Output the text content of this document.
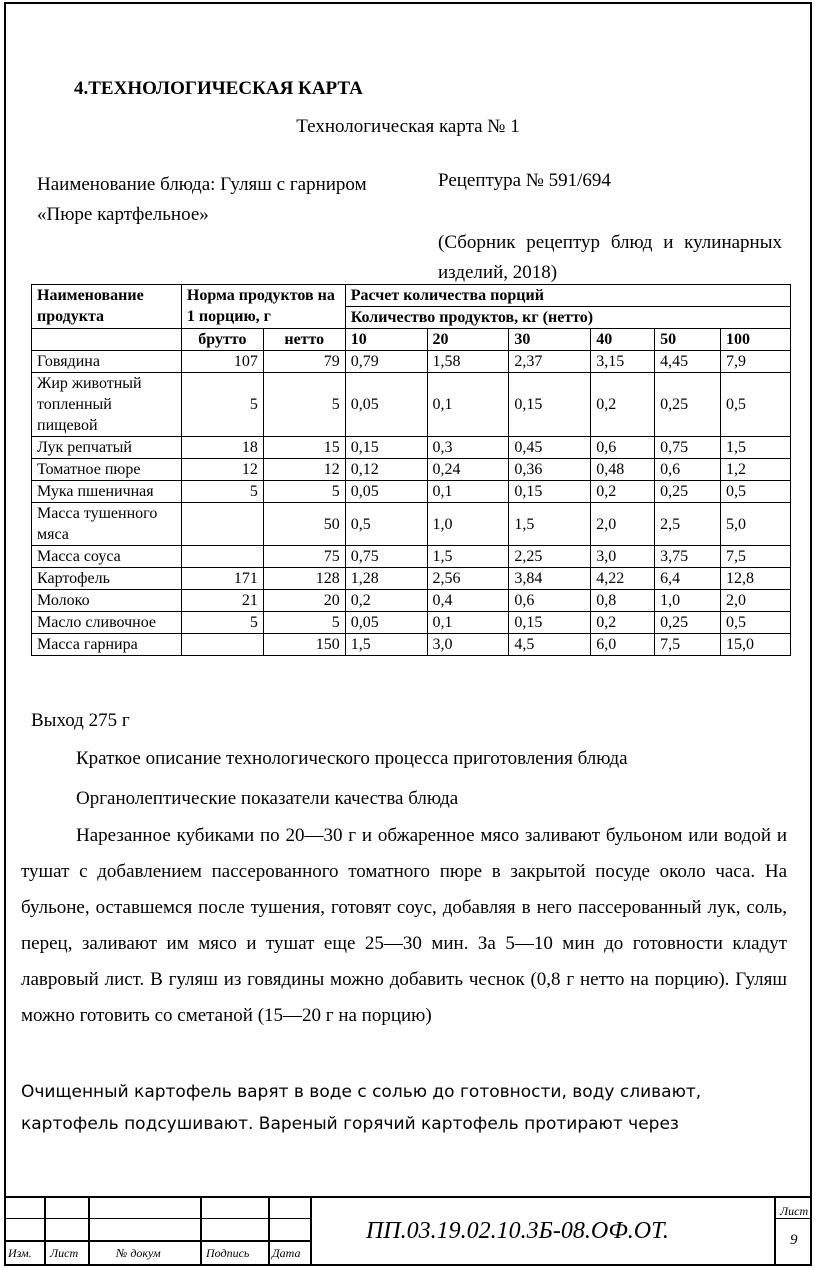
4.ТЕХНОЛОГИЧЕСКАЯ КАРТА
Технологическая карта № 1
Наименование блюда: Гуляш с гарниром
«Пюре картфельное»
Рецептура № 591/694
(Сборник рецептур блюд и кулинарных изделий, 2018)
Наименование продукта	Норма продуктов на 1 порцию, г		Расчет количества порций					
			Количество продуктов, кг (нетто)					
	брутто	нетто	10	20	30	40	50	100
Говядина	107	79	0,79	1,58	2,37	3,15	4,45	7,9
Жир животный топленный пищевой	5	5	0,05	0,1	0,15	0,2	0,25	0,5
Лук репчатый	18	15	0,15	0,3	0,45	0,6	0,75	1,5
Томатное пюре	12	12	0,12	0,24	0,36	0,48	0,6	1,2
Мука пшеничная	5	5	0,05	0,1	0,15	0,2	0,25	0,5
Масса тушенного мяса		50	0,5	1,0	1,5	2,0	2,5	5,0
Масса соуса		75	0,75	1,5	2,25	3,0	3,75	7,5
Картофель	171	128	1,28	2,56	3,84	4,22	6,4	12,8
Молоко	21	20	0,2	0,4	0,6	0,8	1,0	2,0
Масло сливочное	5	5	0,05	0,1	0,15	0,2	0,25	0,5
Масса гарнира		150	1,5	3,0	4,5	6,0	7,5	15,0
Выход 275 г
Краткое описание технологического процесса приготовления блюда
Органолептические показатели качества блюда

Нарезанное кубиками по 20—30 г и обжаренное мясо заливают бульоном или водой и тушат с добавлением пассерованного томатного пюре в закрытой посуде около часа. На бульоне, оставшемся после тушения, готовят соус, добавляя в него пассерованный лук, соль, перец, заливают им мясо и тушат еще 25—30 мин. За 5—10 мин до готовности кладут лавровый лист. В гуляш из говядины можно добавить чеснок (0,8 г нетто на порцию). Гуляш можно готовить со сметаной (15—20 г на порцию)

Очищенный картофель варят в воде с солью до готовности, воду сливают, картофель подсушивают. Вареный горячий картофель протирают через

Изм. Лист	№ докум	Подпись Дата
ПП.03.19.02.10.3Б-08.ОФ.ОТ.
Лист
9
